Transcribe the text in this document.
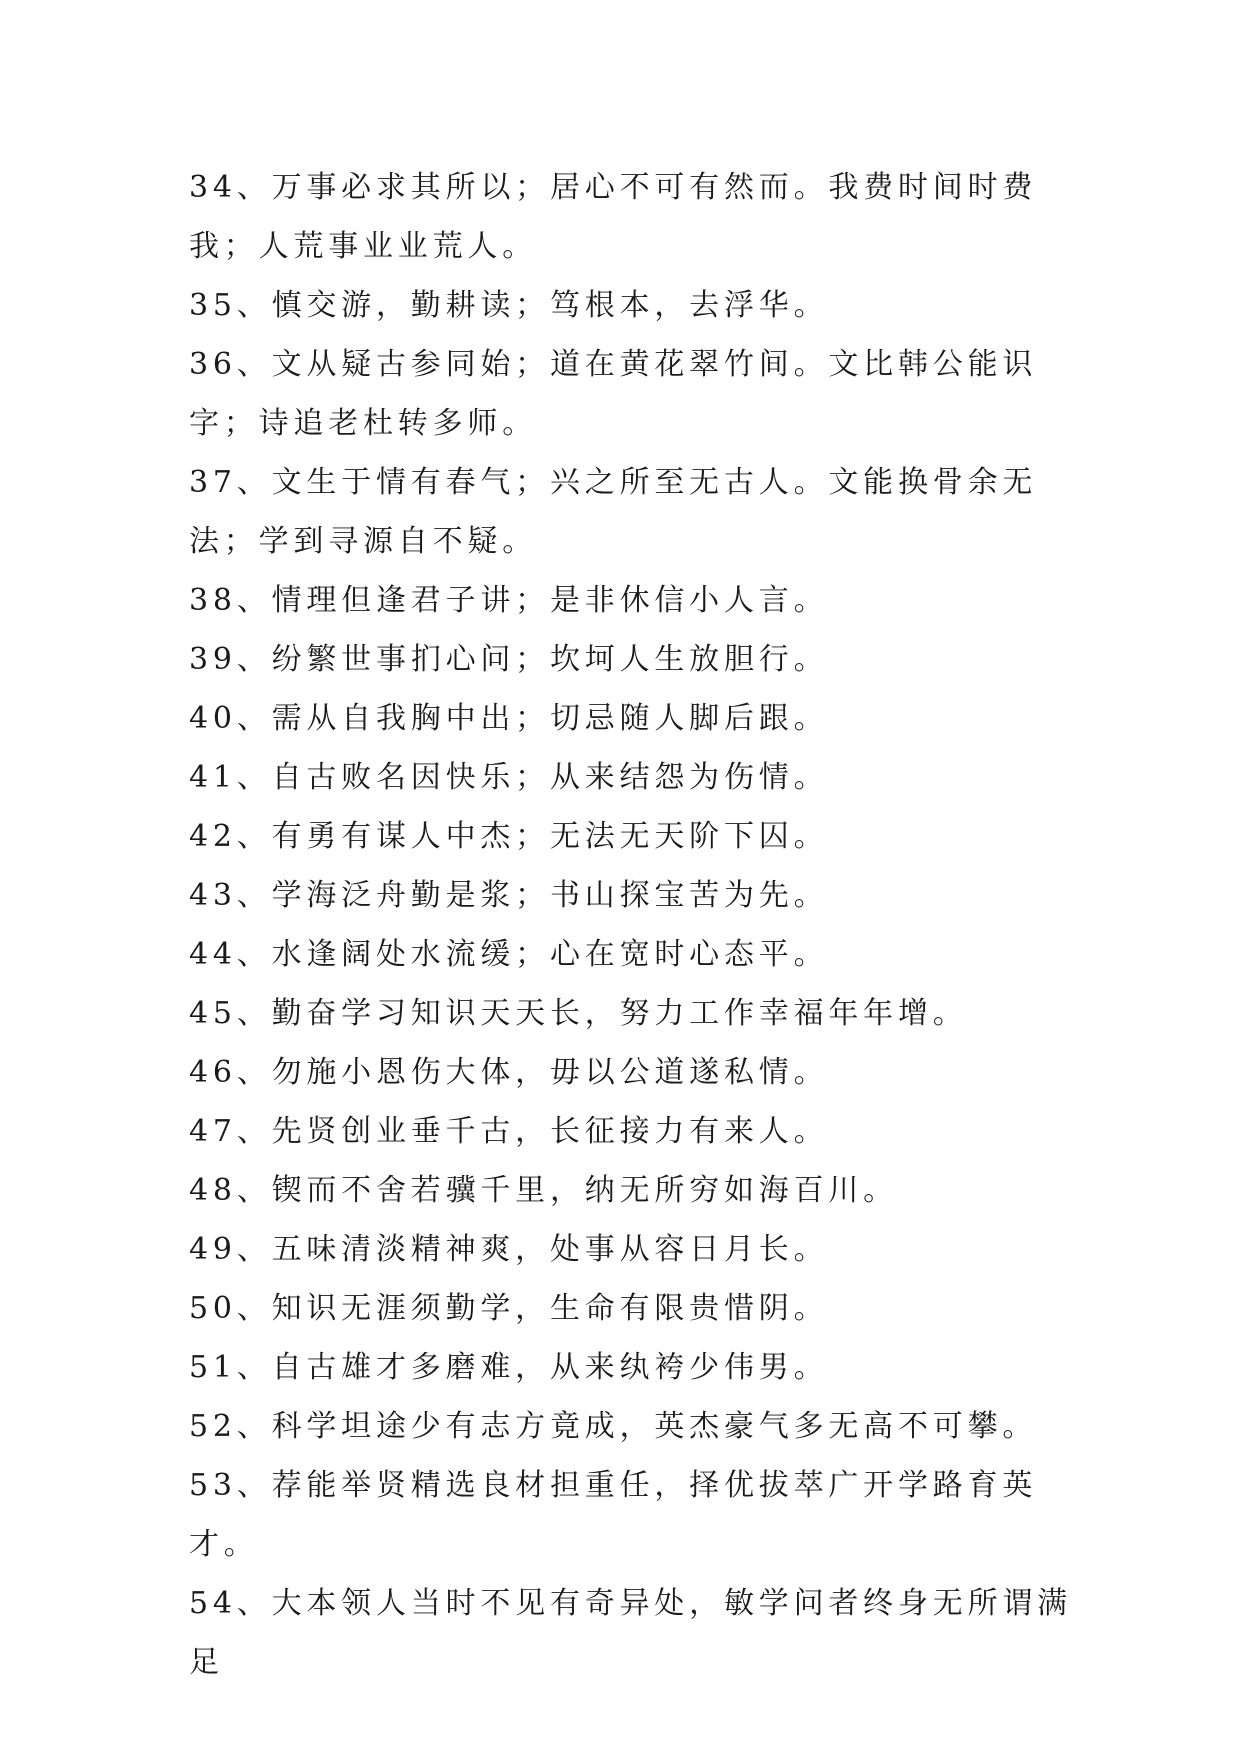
34、万事必求其所以；居心不可有然而。我费时间时费我；人荒事业业荒人。

35、慎交游，勤耕读；笃根本，去浮华。

36、文从疑古参同始；道在黄花翠竹间。文比韩公能识字；诗追老杜转多师。

37、文生于情有春气；兴之所至无古人。文能换骨余无法；学到寻源自不疑。

38、情理但逢君子讲；是非休信小人言。

39、纷繁世事扪心问；坎坷人生放胆行。

40、需从自我胸中出；切忌随人脚后跟。

41、自古败名因快乐；从来结怨为伤情。

42、有勇有谋人中杰；无法无天阶下囚。

43、学海泛舟勤是浆；书山探宝苦为先。

44、水逢阔处水流缓；心在宽时心态平。

45、勤奋学习知识天天长，努力工作幸福年年增。

46、勿施小恩伤大体，毋以公道遂私情。

47、先贤创业垂千古，长征接力有来人。

48、锲而不舍若骥千里，纳无所穷如海百川。

49、五味清淡精神爽，处事从容日月长。

50、知识无涯须勤学，生命有限贵惜阴。

51、自古雄才多磨难，从来纨袴少伟男。

52、科学坦途少有志方竟成，英杰豪气多无高不可攀。

53、荐能举贤精选良材担重任，择优拔萃广开学路育英才。

54、大本领人当时不见有奇异处，敏学问者终身无所谓满足
